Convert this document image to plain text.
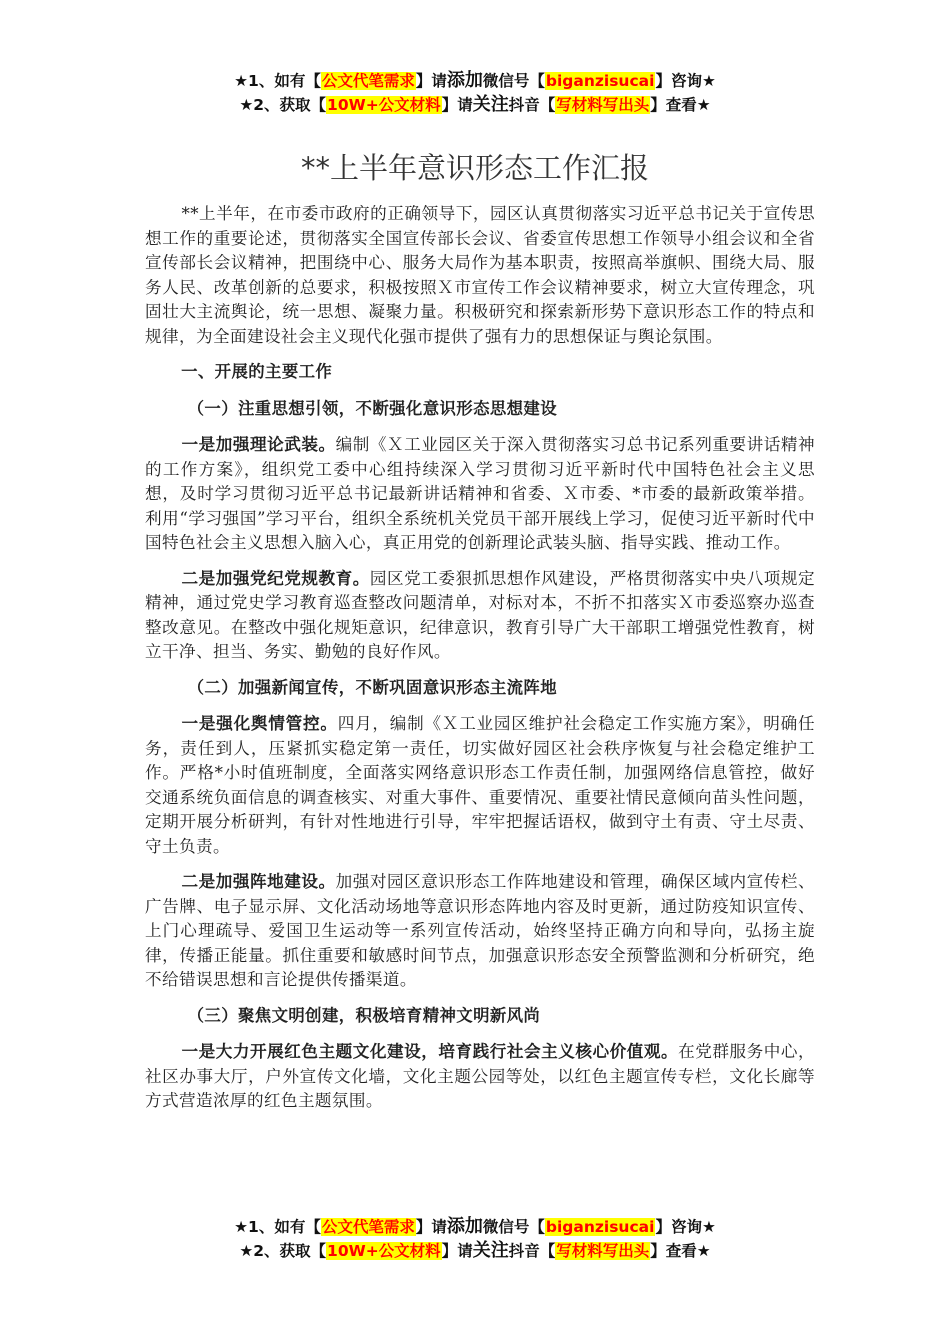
★1、如有【公文代笔需求】请添加微信号【biganzisucai】咨询★
★2、获取【10W+公文材料】请关注抖音【写材料写出头】查看★
**上半年意识形态工作汇报

**上半年，在市委市政府的正确领导下，园区认真贯彻落实习近平总书记关于宣传思想工作的重要论述，贯彻落实全国宣传部长会议、省委宣传思想工作领导小组会议和全省宣传部长会议精神，把围绕中心、服务大局作为基本职责，按照高举旗帜、围绕大局、服务人民、改革创新的总要求，积极按照Ｘ市宣传工作会议精神要求，树立大宣传理念，巩固壮大主流舆论，统一思想、凝聚力量。积极研究和探索新形势下意识形态工作的特点和规律，为全面建设社会主义现代化强市提供了强有力的思想保证与舆论氛围。

一、开展的主要工作

（一）注重思想引领，不断强化意识形态思想建设

一是加强理论武装。编制《Ｘ工业园区关于深入贯彻落实习总书记系列重要讲话精神的工作方案》，组织党工委中心组持续深入学习贯彻习近平新时代中国特色社会主义思想，及时学习贯彻习近平总书记最新讲话精神和省委、Ｘ市委、*市委的最新政策举措。利用“学习强国”学习平台，组织全系统机关党员干部开展线上学习，促使习近平新时代中国特色社会主义思想入脑入心，真正用党的创新理论武装头脑、指导实践、推动工作。

二是加强党纪党规教育。园区党工委狠抓思想作风建设，严格贯彻落实中央八项规定精神，通过党史学习教育巡查整改问题清单，对标对本，不折不扣落实Ｘ市委巡察办巡查整改意见。在整改中强化规矩意识，纪律意识，教育引导广大干部职工增强党性教育，树立干净、担当、务实、勤勉的良好作风。

（二）加强新闻宣传，不断巩固意识形态主流阵地

一是强化舆情管控。四月，编制《Ｘ工业园区维护社会稳定工作实施方案》，明确任务，责任到人，压紧抓实稳定第一责任，切实做好园区社会秩序恢复与社会稳定维护工作。严格*小时值班制度，全面落实网络意识形态工作责任制，加强网络信息管控，做好交通系统负面信息的调查核实、对重大事件、重要情况、重要社情民意倾向苗头性问题，定期开展分析研判，有针对性地进行引导，牢牢把握话语权，做到守土有责、守土尽责、守土负责。

二是加强阵地建设。加强对园区意识形态工作阵地建设和管理，确保区域内宣传栏、广告牌、电子显示屏、文化活动场地等意识形态阵地内容及时更新，通过防疫知识宣传、上门心理疏导、爱国卫生运动等一系列宣传活动，始终坚持正确方向和导向，弘扬主旋律，传播正能量。抓住重要和敏感时间节点，加强意识形态安全预警监测和分析研究，绝不给错误思想和言论提供传播渠道。

（三）聚焦文明创建，积极培育精神文明新风尚

一是大力开展红色主题文化建设，培育践行社会主义核心价值观。在党群服务中心，社区办事大厅，户外宣传文化墙，文化主题公园等处，以红色主题宣传专栏，文化长廊等方式营造浓厚的红色主题氛围。

★1、如有【公文代笔需求】请添加微信号【biganzisucai】咨询★
★2、获取【10W+公文材料】请关注抖音【写材料写出头】查看★
